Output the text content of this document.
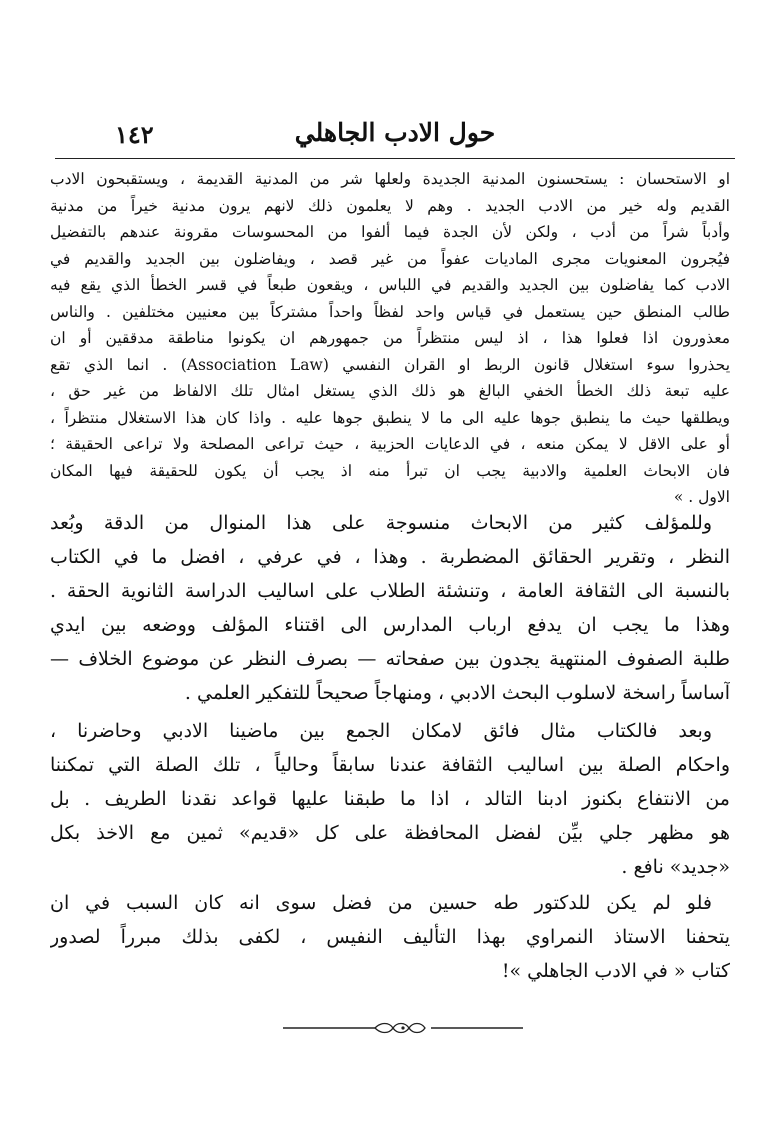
حول الادب الجاهلي
١٤٢
او الاستحسان : يستحسنون المدنية الجديدة ولعلها شر من المدنية القديمة ، ويستقبحون الادب
القديم وله خير من الادب الجديد . وهم لا يعلمون ذلك لانهم يرون مدنية خيراً من مدنية
وأدباً شراً من أدب ، ولكن لأن الجدة فيما ألفوا من المحسوسات مقرونة عندهم بالتفضيل
فيُجرون المعنويات مجرى الماديات عفواً من غير قصد ، ويفاضلون بين الجديد والقديم في
الادب كما يفاضلون بين الجديد والقديم في اللباس ، ويقعون طبعاً في قسر الخطأ الذي يقع فيه
طالب المنطق حين يستعمل في قياس واحد لفظاً واحداً مشتركاً بين معنيين مختلفين . والناس
معذورون اذا فعلوا هذا ، اذ ليس منتظراً من جمهورهم ان يكونوا مناطقة مدققين أو ان
يحذروا سوء استغلال قانون الربط او القران النفسي (Association Law) . انما الذي تقع
عليه تبعة ذلك الخطأ الخفي البالغ هو ذلك الذي يستغل امثال تلك الالفاظ من غير حق ،
ويطلقها حيث ما ينطبق جوها عليه الى ما لا ينطبق جوها عليه . واذا كان هذا الاستغلال منتظراً ،
أو على الاقل لا يمكن منعه ، في الدعايات الحزبية ، حيث تراعى المصلحة ولا تراعى الحقيقة ؛
فان الابحاث العلمية والادبية يجب ان تبرأ منه اذ يجب أن يكون للحقيقة فيها المكان
الاول . »
وللمؤلف كثير من الابحاث منسوجة على هذا المنوال من الدقة وبُعد
النظر ، وتقرير الحقائق المضطربة . وهذا ، في عرفي ، افضل ما في الكتاب
بالنسبة الى الثقافة العامة ، وتنشئة الطلاب على اساليب الدراسة الثانوية الحقة .
وهذا ما يجب ان يدفع ارباب المدارس الى اقتناء المؤلف ووضعه بين ايدي
طلبة الصفوف المنتهية يجدون بين صفحاته — بصرف النظر عن موضوع الخلاف —
آساساً راسخة لاسلوب البحث الادبي ، ومنهاجاً صحيحاً للتفكير العلمي .
وبعد فالكتاب مثال فائق لامكان الجمع بين ماضينا الادبي وحاضرنا ،
واحكام الصلة بين اساليب الثقافة عندنا سابقاً وحالياً ، تلك الصلة التي تمكننا
من الانتفاع بكنوز ادبنا التالد ، اذا ما طبقنا عليها قواعد نقدنا الطريف . بل
هو مظهر جلي بيِّن لفضل المحافظة على كل «قديم» ثمين مع الاخذ بكل
«جديد» نافع .
فلو لم يكن للدكتور طه حسين من فضل سوى انه كان السبب في ان
يتحفنا الاستاذ النمراوي بهذا التأليف النفيس ، لكفى بذلك مبرراً لصدور
كتاب « في الادب الجاهلي »!
